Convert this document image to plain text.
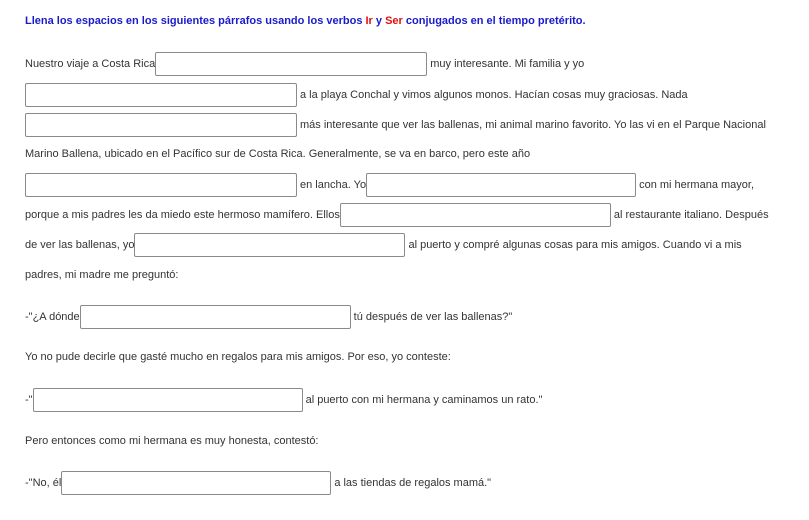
Llena los espacios en los siguientes párrafos usando los verbos Ir y Ser conjugados en el tiempo pretérito.
Nuestro viaje a Costa Rica	muy interesante. Mi familia y yo
a la playa Conchal y vimos algunos monos. Hacían cosas muy graciosas. Nada
más interesante que ver las ballenas, mi animal marino favorito. Yo las vi en el Parque Nacional
Marino Ballena, ubicado en el Pacífico sur de Costa Rica. Generalmente, se va en barco, pero este año
en lancha. Yo	con mi hermana mayor,
porque a mis padres les da miedo este hermoso mamífero. Ellos	al restaurante italiano. Después
de ver las ballenas, yo	al puerto y compré algunas cosas para mis amigos. Cuando vi a mis
padres, mi madre me preguntó:
-"¿A dónde	tú después de ver las ballenas?"
Yo no pude decirle que gasté mucho en regalos para mis amigos. Por eso, yo conteste:
-"	al puerto con mi hermana y caminamos un rato."
Pero entonces como mi hermana es muy honesta, contestó:
-"No, él	a las tiendas de regalos mamá."
